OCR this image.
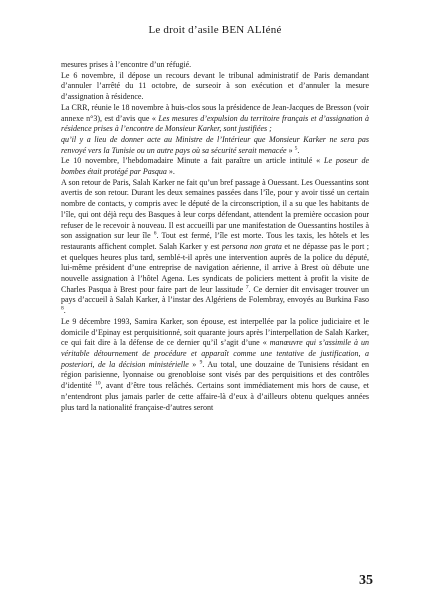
Le droit d’asile BEN ALIéné

mesures prises à l’encontre d’un réfugié.

Le 6 novembre, il dépose un recours devant le tribunal administratif de Paris demandant d’annuler l’arrêté du 11 octobre, de surseoir à son exécution et d’annuler la mesure d’assignation à résidence.

La CRR, réunie le 18 novembre à huis-clos sous la présidence de Jean-Jacques de Bresson (voir annexe n°3), est d’avis que « Les mesures d’expulsion du territoire français et d’assignation à résidence prises à l’encontre de Monsieur Karker, sont justifiées ;
qu’il y a lieu de donner acte au Ministre de l’Intérieur que Monsieur Karker ne sera pas renvoyé vers la Tunisie ou un autre pays où sa sécurité serait menacée » $^5$.

Le 10 novembre, l’hebdomadaire Minute a fait paraître un article intitulé « Le poseur de bombes était protégé par Pasqua ».

A son retour de Paris, Salah Karker ne fait qu’un bref passage à Ouessant. Les Ouessantins sont avertis de son retour. Durant les deux semaines passées dans l’île, pour y avoir tissé un certain nombre de contacts, y compris avec le député de la circonscription, il a su que les habitants de l’île, qui ont déjà reçu des Basques à leur corps défendant, attendent la première occasion pour refuser de le recevoir à nouveau. Il est accueilli par une manifestation de Ouessantins hostiles à son assignation sur leur île $^6$. Tout est fermé, l’île est morte. Tous les taxis, les hôtels et les restaurants affichent complet. Salah Karker y est persona non grata et ne dépasse pas le port ; et quelques heures plus tard, semblé-t-il après une intervention auprès de la police du député, lui-même président d’une entreprise de navigation aérienne, il arrive à Brest où débute une nouvelle assignation à l’hôtel Agena. Les syndicats de policiers mettent à profit la visite de Charles Pasqua à Brest pour faire part de leur lassitude $^7$. Ce dernier dit envisager trouver un pays d’accueil à Salah Karker, à l’instar des Algériens de Folembray, envoyés au Burkina Faso $^8$.

Le 9 décembre 1993, Samira Karker, son épouse, est interpellée par la police judiciaire et le domicile d’Epinay est perquisitionné, soit quarante jours après l’interpellation de Salah Karker, ce qui fait dire à la défense de ce dernier qu’il s’agit d’une « manœuvre qui s’assimile à un véritable détournement de procédure et apparaît comme une tentative de justification, a posteriori, de la décision ministérielle » $^9$. Au total, une douzaine de Tunisiens résidant en région parisienne, lyonnaise ou grenobloise sont visés par des perquisitions et des contrôles d’identité $^{10}$, avant d’être tous relâchés. Certains sont immédiatement mis hors de cause, et n’entendront plus jamais parler de cette affaire-là d’eux à d’ailleurs obtenu quelques années plus tard la nationalité française-d’autres seront

35
